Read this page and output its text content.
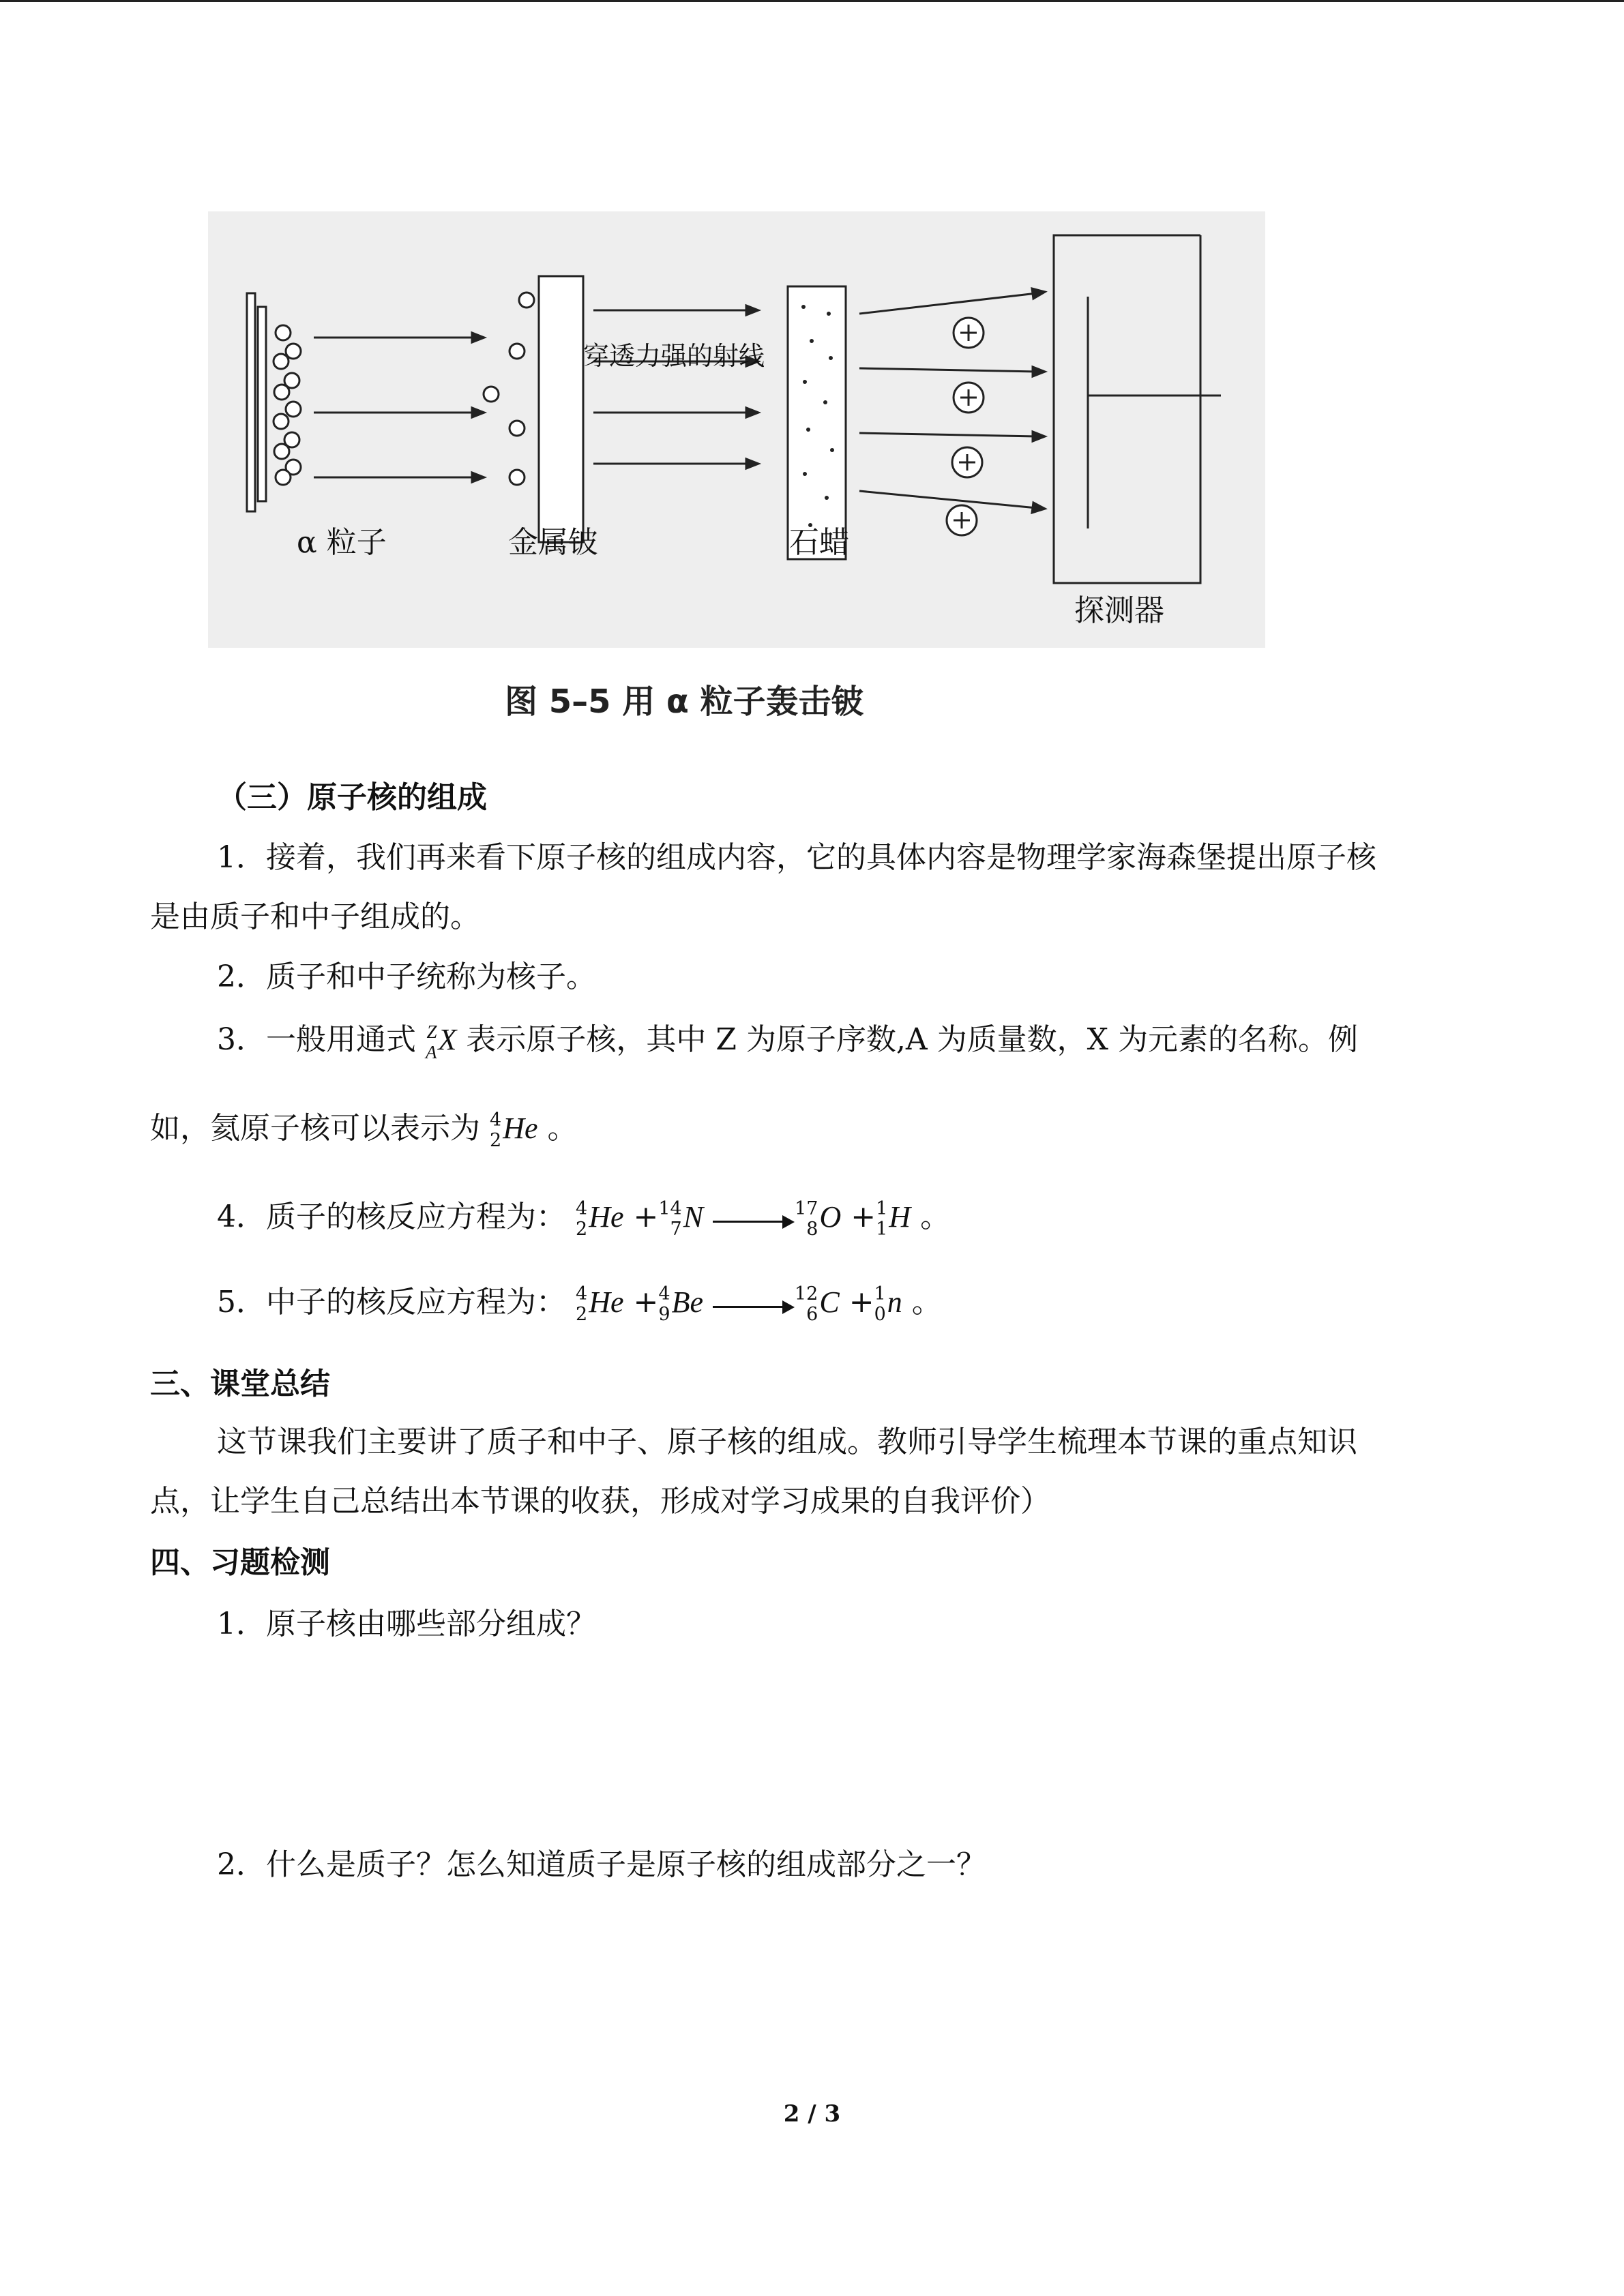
α 粒子	金属铍
穿透力强的射线
石蜡
探测器
图 5–5 用 α 粒子轰击铍
（三）原子核的组成
1．接着，我们再来看下原子核的组成内容，它的具体内容是物理学家海森堡提出原子核
是由质子和中子组成的。
2．质子和中子统称为核子。
3．一般用通式 Z
A X 表示原子核，其中 Z 为原子序数,A 为质量数，X 为元素的名称。例
如，氦原子核可以表示为 4
2 He 。
4．质子的核反应方程为： 4
2 He + 14
7 N	17
8 O + 1
1 H 。
5．中子的核反应方程为： 4
2 He + 4
9 Be	12
6 C + 1
0 n 。
三、课堂总结
这节课我们主要讲了质子和中子、原子核的组成。教师引导学生梳理本节课的重点知识
点，让学生自己总结出本节课的收获，形成对学习成果的自我评价）
四、习题检测
1．原子核由哪些部分组成？
2．什么是质子？怎么知道质子是原子核的组成部分之一？
2 / 3
